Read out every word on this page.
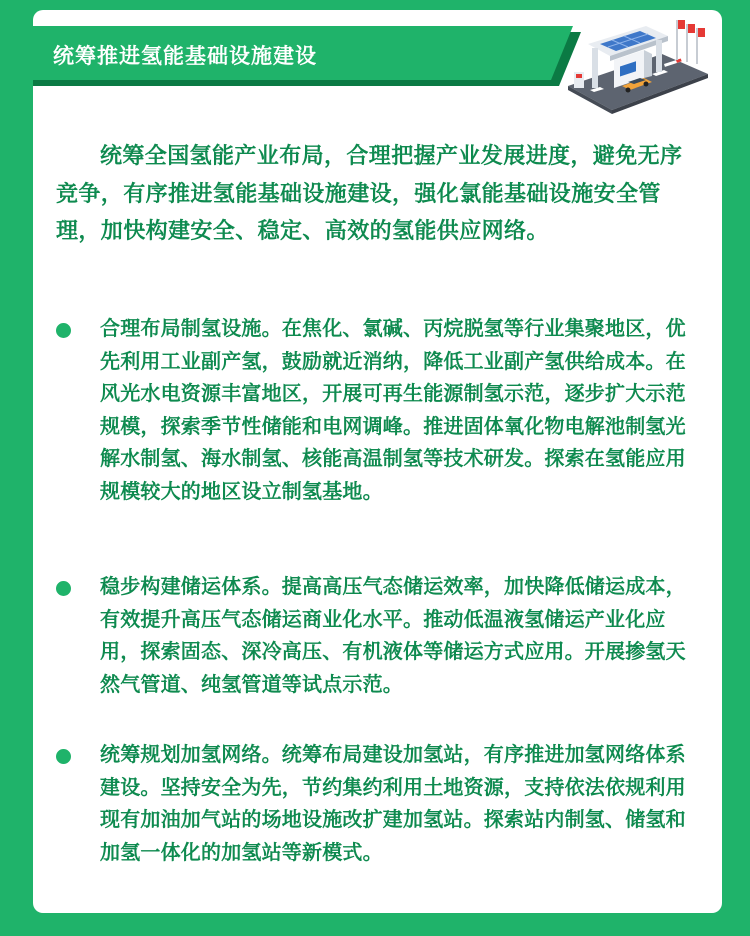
统筹推进氢能基础设施建设

统筹全国氢能产业布局，合理把握产业发展进度，避免无序竞争，有序推进氢能基础设施建设，强化氯能基础设施安全管理，加快构建安全、稳定、高效的氢能供应网络。

合理布局制氢设施。在焦化、氯碱、丙烷脱氢等行业集聚地区，优先利用工业副产氢，鼓励就近消纳，降低工业副产氢供给成本。在风光水电资源丰富地区，开展可再生能源制氢示范，逐步扩大示范规模，探索季节性储能和电网调峰。推进固体氧化物电解池制氢光解水制氢、海水制氢、核能高温制氢等技术研发。探索在氢能应用规模较大的地区设立制氢基地。

稳步构建储运体系。提高高压气态储运效率，加快降低储运成本，有效提升高压气态储运商业化水平。推动低温液氢储运产业化应用，探索固态、深冷高压、有机液体等储运方式应用。开展掺氢天然气管道、纯氢管道等试点示范。

统筹规划加氢网络。统筹布局建设加氢站，有序推进加氢网络体系建设。坚持安全为先，节约集约利用土地资源，支持依法依规利用现有加油加气站的场地设施改扩建加氢站。探索站内制氢、储氢和加氢一体化的加氢站等新模式。
